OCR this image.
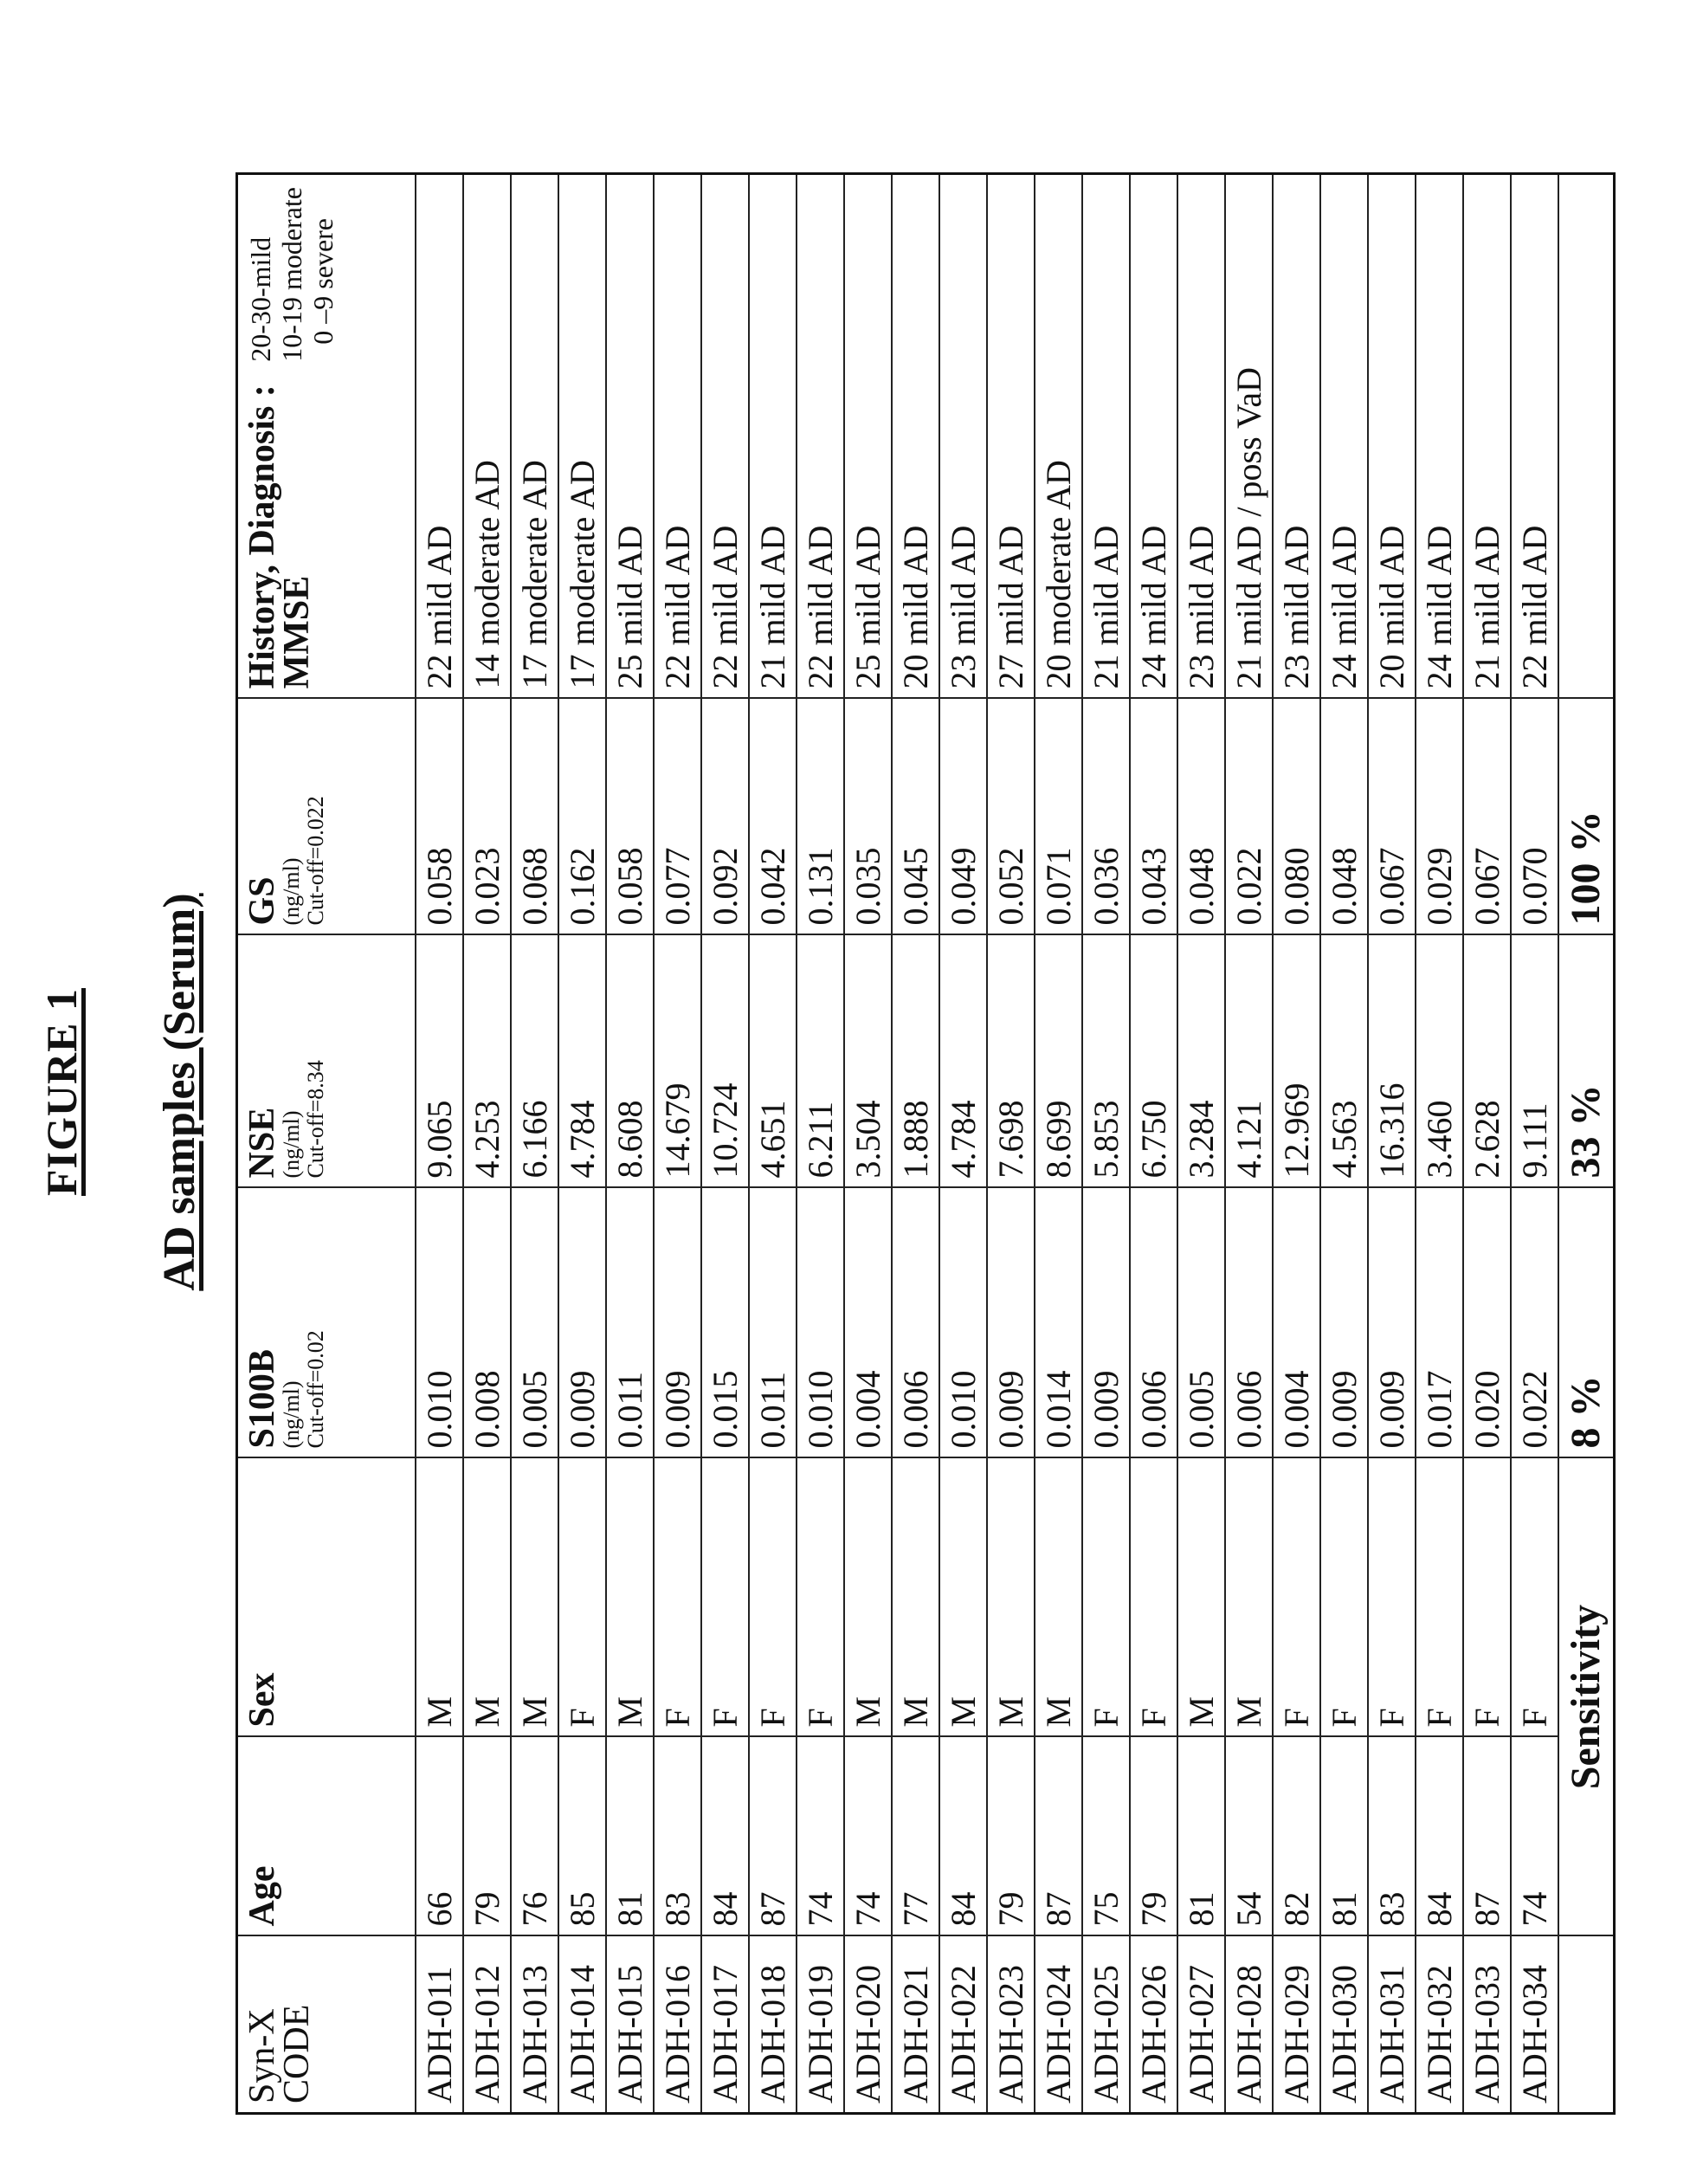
FIGURE 1 AD samples (Serum)
Syn-X CODE

Age

Sex

S100B
(ng/ml) Cut-off=0.02

NSE
(ng/ml) Cut-off=8.34

GS
(ng/ml) Cut-off=0.022

20-30-mild 10-19 moderate 0 –9 severe
History, Diagnosis : MMSE

ADH-011	66	M	0.010	9.065	0.058	22 mild AD
ADH-012	79	M	0.008	4.253	0.023	14 moderate AD
ADH-013	76	M	0.005	6.166	0.068	17 moderate AD
ADH-014	85	F	0.009	4.784	0.162	17 moderate AD
ADH-015	81	M	0.011	8.608	0.058	25 mild AD
ADH-016	83	F	0.009	14.679	0.077	22 mild AD
ADH-017	84	F	0.015	10.724	0.092	22 mild AD
ADH-018	87	F	0.011	4.651	0.042	21 mild AD
ADH-019	74	F	0.010	6.211	0.131	22 mild AD
ADH-020	74	M	0.004	3.504	0.035	25 mild AD
ADH-021	77	M	0.006	1.888	0.045	20 mild AD
ADH-022	84	M	0.010	4.784	0.049	23 mild AD
ADH-023	79	M	0.009	7.698	0.052	27 mild AD
ADH-024	87	M	0.014	8.699	0.071	20 moderate AD
ADH-025	75	F	0.009	5.853	0.036	21 mild AD
ADH-026	79	F	0.006	6.750	0.043	24 mild AD
ADH-027	81	M	0.005	3.284	0.048	23 mild AD
ADH-028	54	M	0.006	4.121	0.022	21 mild AD / poss VaD
ADH-029	82	F	0.004	12.969	0.080	23 mild AD
ADH-030	81	F	0.009	4.563	0.048	24 mild AD
ADH-031	83	F	0.009	16.316	0.067	20 mild AD
ADH-032	84	F	0.017	3.460	0.029	24 mild AD
ADH-033	87	F	0.020	2.628	0.067	21 mild AD
ADH-034	74	F	0.022	9.111	0.070	22 mild AD
	Sensitivity	8 %	33 %	100 %	
